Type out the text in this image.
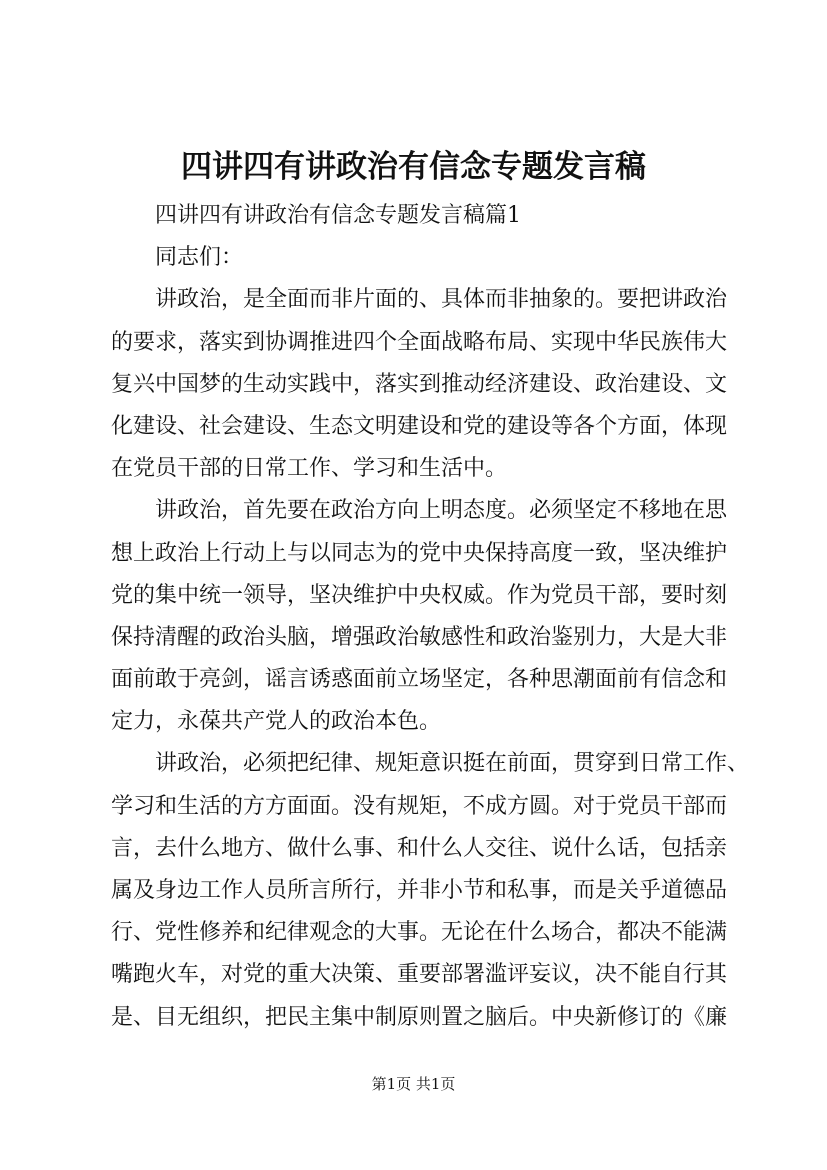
四讲四有讲政治有信念专题发言稿
四讲四有讲政治有信念专题发言稿篇1
同志们：
讲政治，是全面而非片面的、具体而非抽象的。要把讲政治
的要求，落实到协调推进四个全面战略布局、实现中华民族伟大
复兴中国梦的生动实践中，落实到推动经济建设、政治建设、文
化建设、社会建设、生态文明建设和党的建设等各个方面，体现
在党员干部的日常工作、学习和生活中。
讲政治，首先要在政治方向上明态度。必须坚定不移地在思
想上政治上行动上与以同志为的党中央保持高度一致，坚决维护
党的集中统一领导，坚决维护中央权威。作为党员干部，要时刻
保持清醒的政治头脑，增强政治敏感性和政治鉴别力，大是大非
面前敢于亮剑，谣言诱惑面前立场坚定，各种思潮面前有信念和
定力，永葆共产党人的政治本色。
讲政治，必须把纪律、规矩意识挺在前面，贯穿到日常工作、
学习和生活的方方面面。没有规矩，不成方圆。对于党员干部而
言，去什么地方、做什么事、和什么人交往、说什么话，包括亲
属及身边工作人员所言所行，并非小节和私事，而是关乎道德品
行、党性修养和纪律观念的大事。无论在什么场合，都决不能满
嘴跑火车，对党的重大决策、重要部署滥评妄议，决不能自行其
是、目无组织，把民主集中制原则置之脑后。中央新修订的《廉
第1页 共1页
